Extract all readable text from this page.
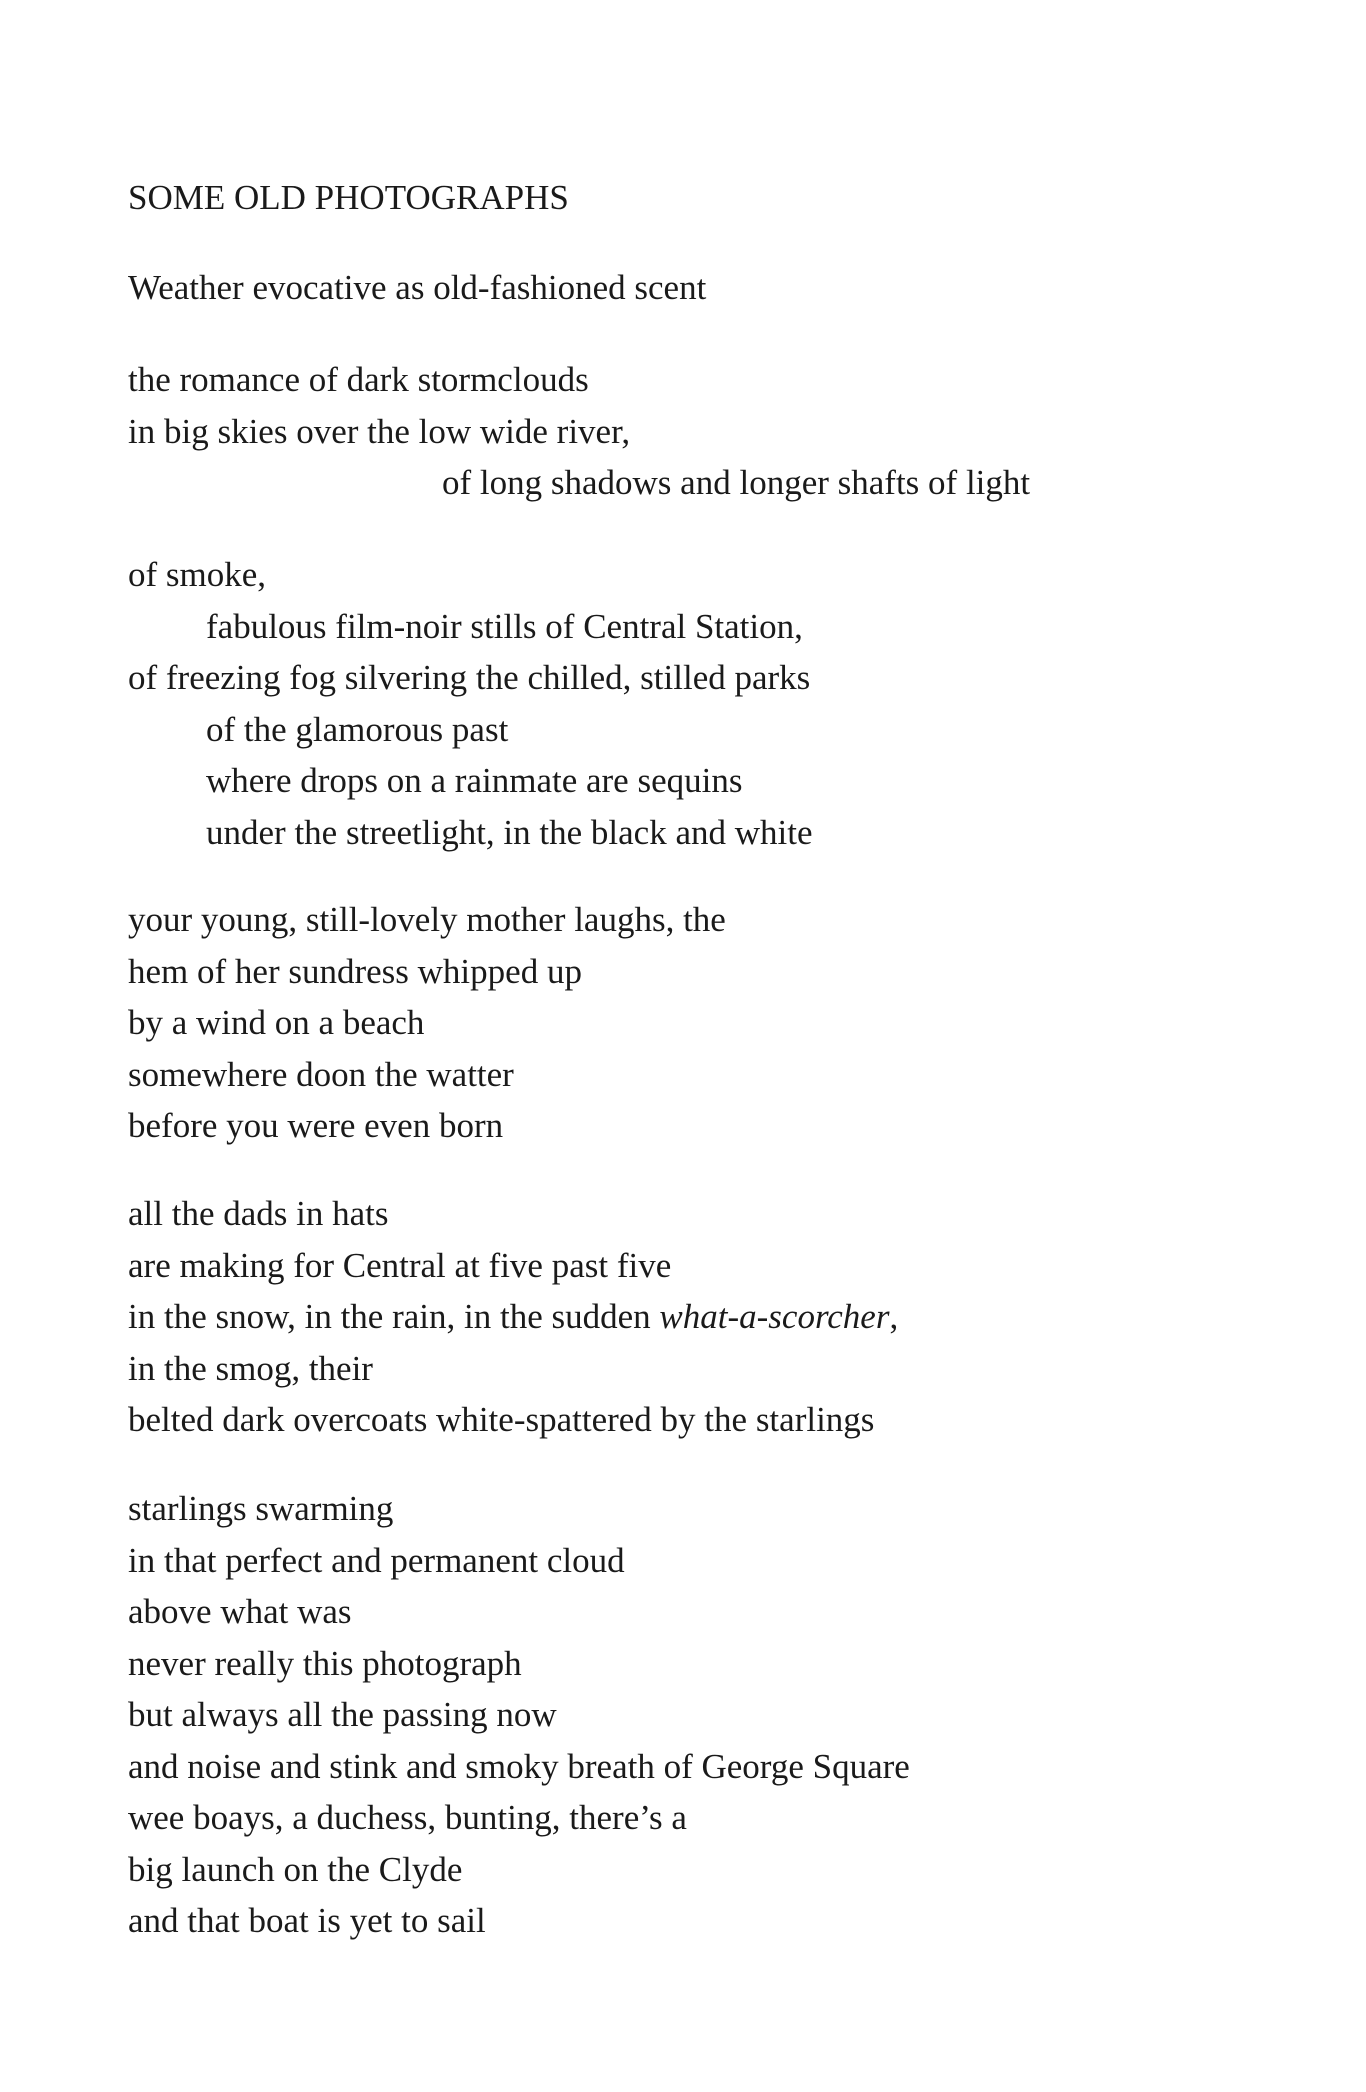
SOME OLD PHOTOGRAPHS
Weather evocative as old-fashioned scent
the romance of dark stormclouds
in big skies over the low wide river,
of long shadows and longer shafts of light
of smoke,
fabulous film-noir stills of Central Station,
of freezing fog silvering the chilled, stilled parks
of the glamorous past
where drops on a rainmate are sequins
under the streetlight, in the black and white
your young, still-lovely mother laughs, the
hem of her sundress whipped up
by a wind on a beach
somewhere doon the watter
before you were even born
all the dads in hats
are making for Central at five past five
in the snow, in the rain, in the sudden what-a-scorcher,
in the smog, their
belted dark overcoats white-spattered by the starlings
starlings swarming
in that perfect and permanent cloud
above what was
never really this photograph
but always all the passing now
and noise and stink and smoky breath of George Square
wee boays, a duchess, bunting, there’s a
big launch on the Clyde
and that boat is yet to sail
